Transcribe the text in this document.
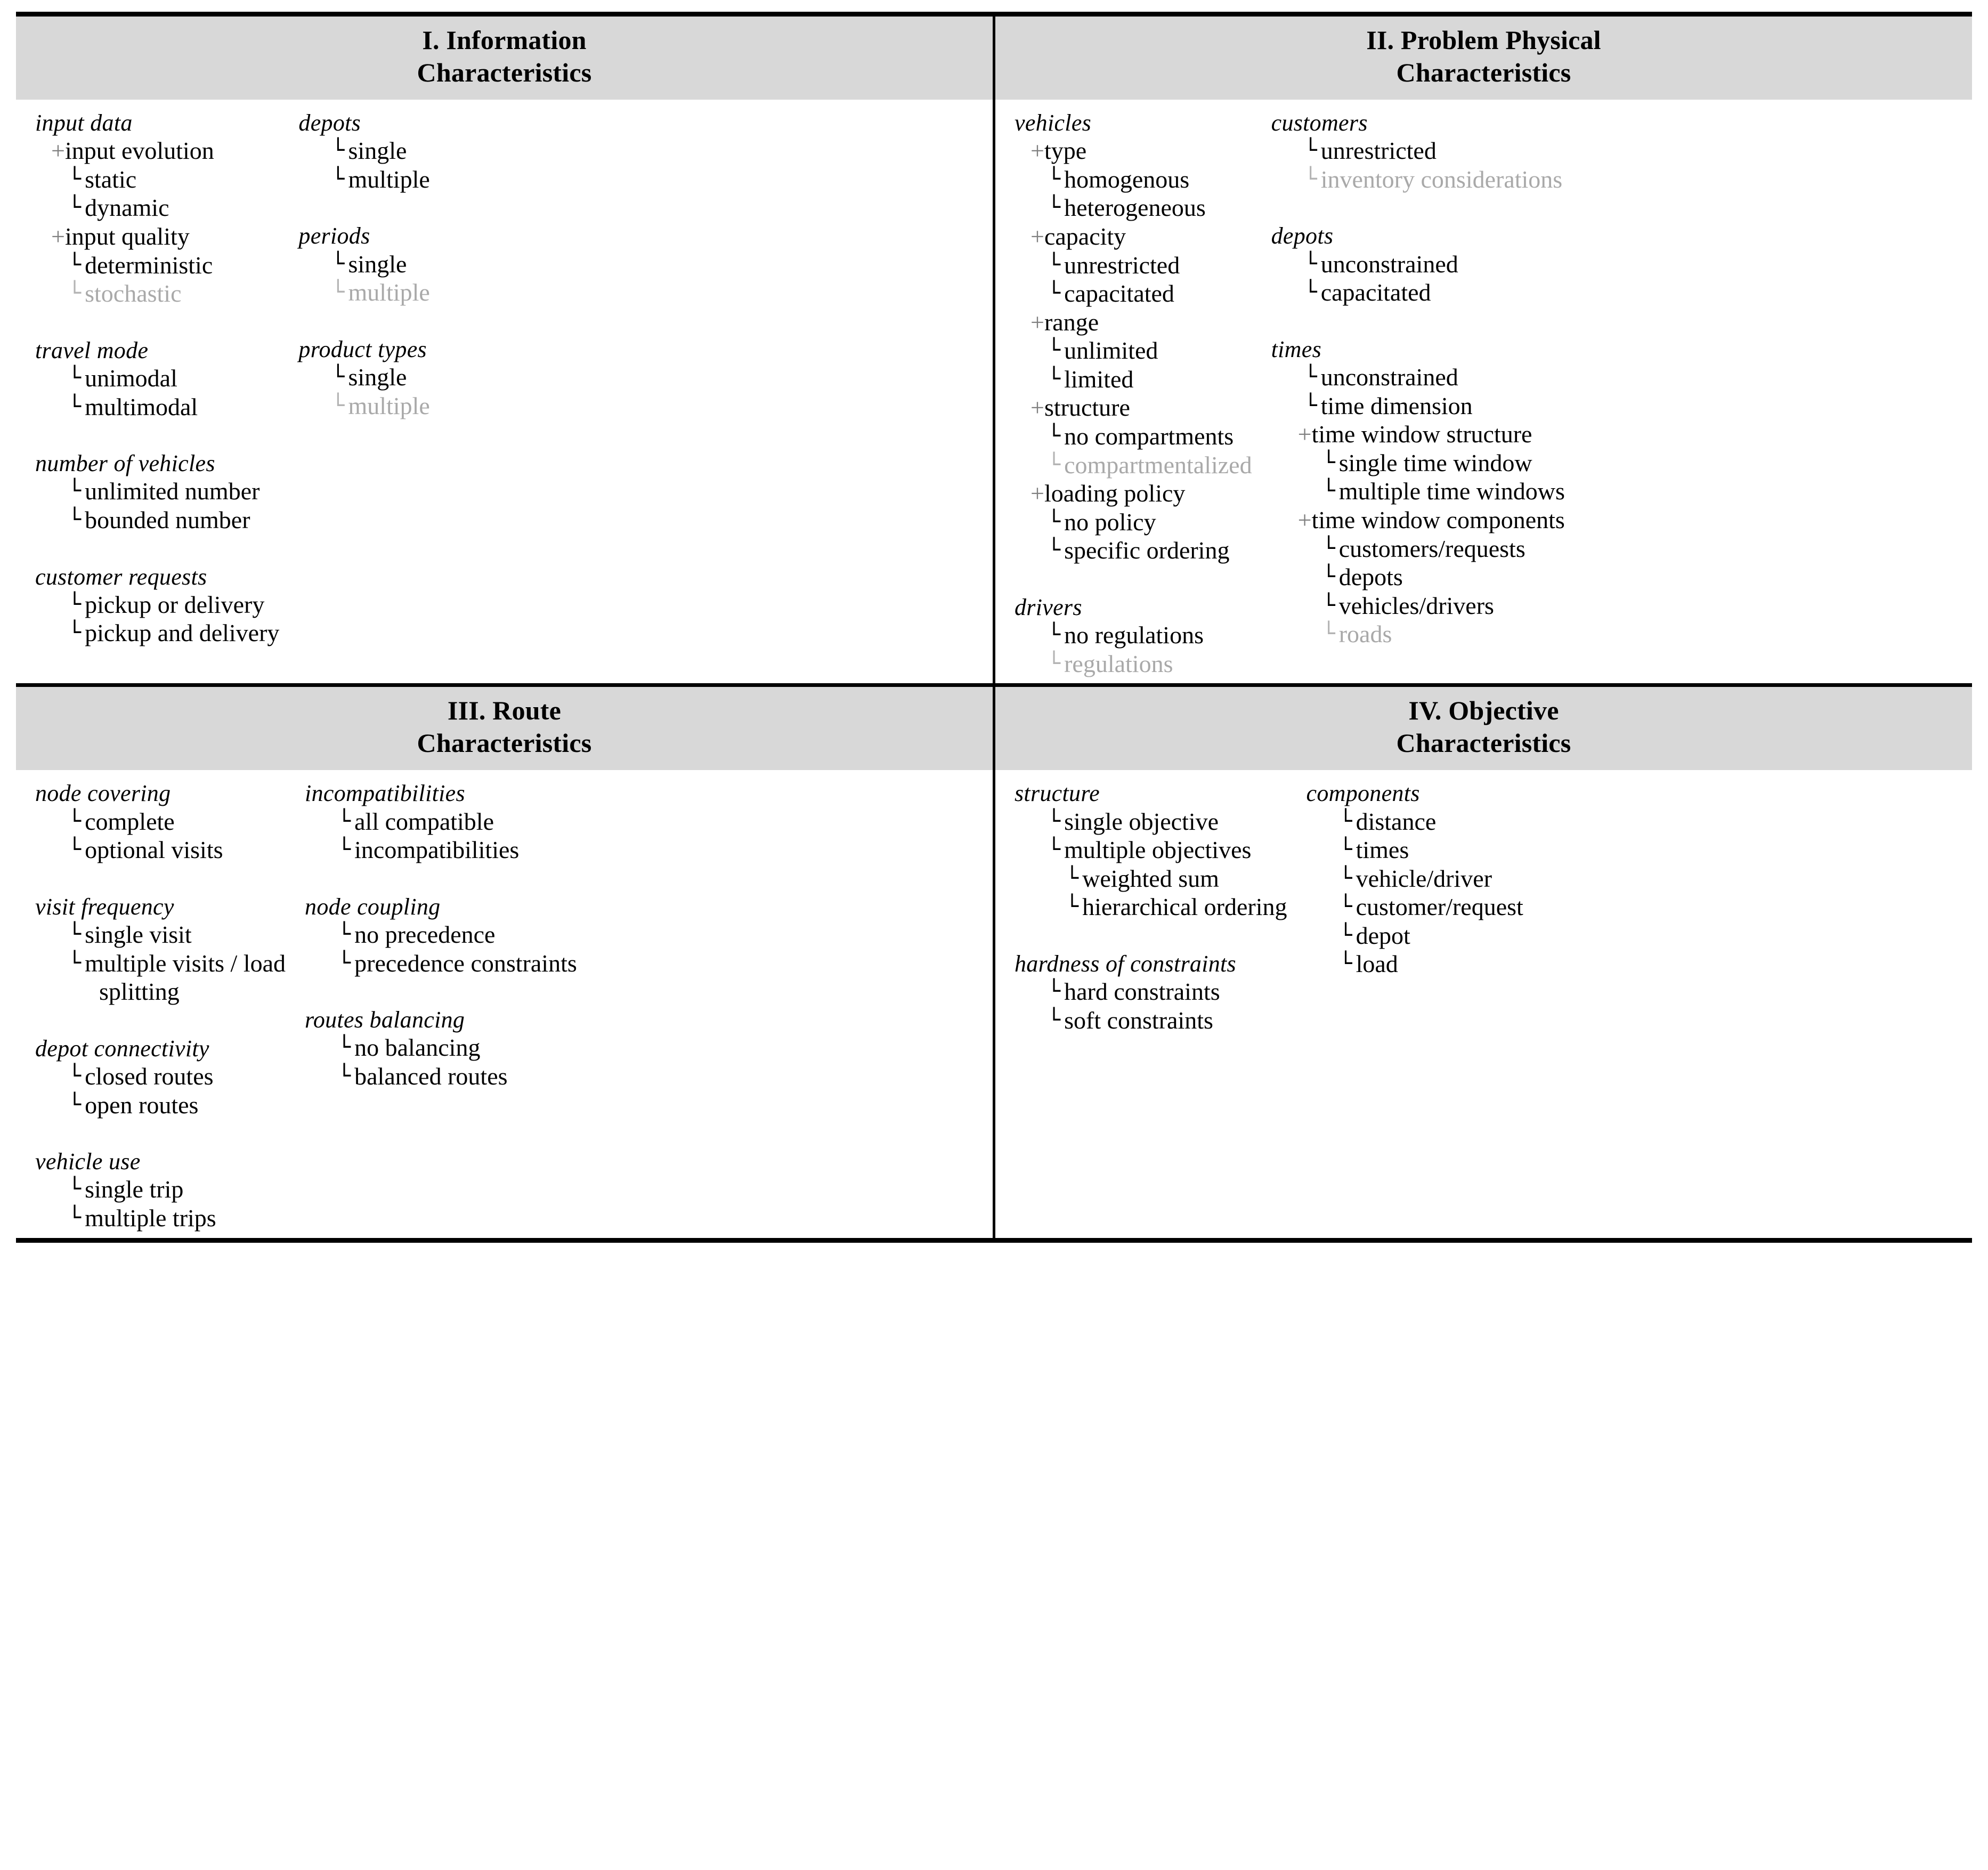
I. Information
Characteristics

II. Problem Physical
Characteristics

input data
+input evolution
└ static
└ dynamic
+input quality
└ deterministic
└ stochastic
travel mode
└ unimodal
└ multimodal
number of vehicles
└ unlimited number
└ bounded number
customer requests
└ pickup or delivery
└ pickup and delivery
depots
└ single
└ multiple
periods
└ single
└ multiple
product types
└ single
└ multiple

vehicles
+type
└ homogenous
└ heterogeneous
+capacity
└ unrestricted
└ capacitated
+range
└ unlimited
└ limited
+structure
└ no compartments
└ compartmentalized
+loading policy
└ no policy
└ specific ordering
drivers
└ no regulations
└ regulations
customers
└ unrestricted
└ inventory considerations
depots
└ unconstrained
└ capacitated
times
└ unconstrained
└ time dimension
+time window structure
└ single time window
└ multiple time windows
+time window components
└ customers/requests
└ depots
└ vehicles/drivers
└ roads

III. Route
Characteristics

IV. Objective
Characteristics

node covering
└ complete
└ optional visits
visit frequency
└ single visit
└ multiple visits / load
splitting
depot connectivity
└ closed routes
└ open routes
vehicle use
└ single trip
└ multiple trips
incompatibilities
└ all compatible
└ incompatibilities
node coupling
└ no precedence
└ precedence constraints
routes balancing
└ no balancing
└ balanced routes

structure
└ single objective
└ multiple objectives
└ weighted sum
└ hierarchical ordering
hardness of constraints
└ hard constraints
└ soft constraints
components
└ distance
└ times
└ vehicle/driver
└ customer/request
└ depot
└ load
